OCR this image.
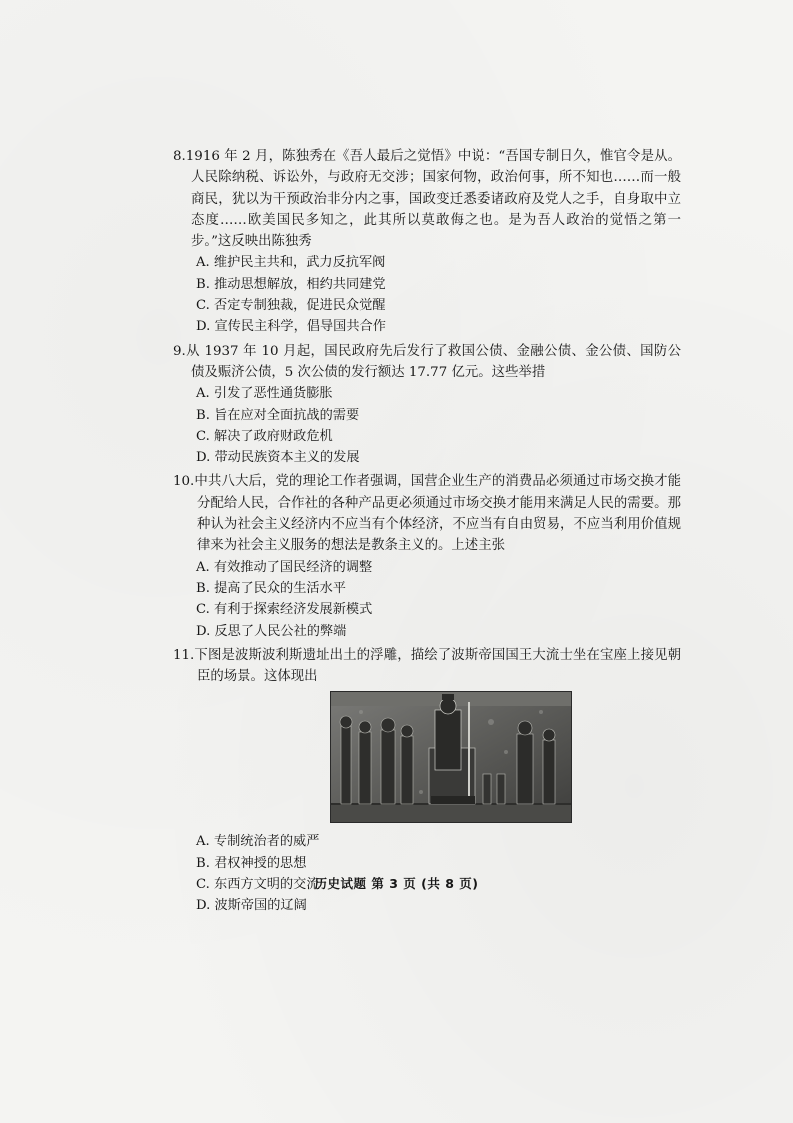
8.1916 年 2 月，陈独秀在《吾人最后之觉悟》中说：“吾国专制日久，惟官令是从。人民除纳税、诉讼外，与政府无交涉；国家何物，政治何事，所不知也……而一般商民，犹以为干预政治非分内之事，国政变迁悉委诸政府及党人之手，自身取中立态度……欧美国民多知之，此其所以莫敢侮之也。是为吾人政治的觉悟之第一步。”这反映出陈独秀

A. 维护民主共和，武力反抗军阀
B. 推动思想解放，相约共同建党
C. 否定专制独裁，促进民众觉醒
D. 宣传民主科学，倡导国共合作

9.从 1937 年 10 月起，国民政府先后发行了救国公债、金融公债、金公债、国防公债及赈济公债，5 次公债的发行额达 17.77 亿元。这些举措

A. 引发了恶性通货膨胀
B. 旨在应对全面抗战的需要
C. 解决了政府财政危机
D. 带动民族资本主义的发展

10.中共八大后，党的理论工作者强调，国营企业生产的消费品必须通过市场交换才能分配给人民，合作社的各种产品更必须通过市场交换才能用来满足人民的需要。那种认为社会主义经济内不应当有个体经济，不应当有自由贸易，不应当利用价值规律来为社会主义服务的想法是教条主义的。上述主张

A. 有效推动了国民经济的调整
B. 提高了民众的生活水平
C. 有利于探索经济发展新模式
D. 反思了人民公社的弊端

11.下图是波斯波利斯遗址出土的浮雕，描绘了波斯帝国国王大流士坐在宝座上接见朝臣的场景。这体现出

A. 专制统治者的威严
B. 君权神授的思想
C. 东西方文明的交流
D. 波斯帝国的辽阔
历史试题 第 3 页 (共 8 页)
